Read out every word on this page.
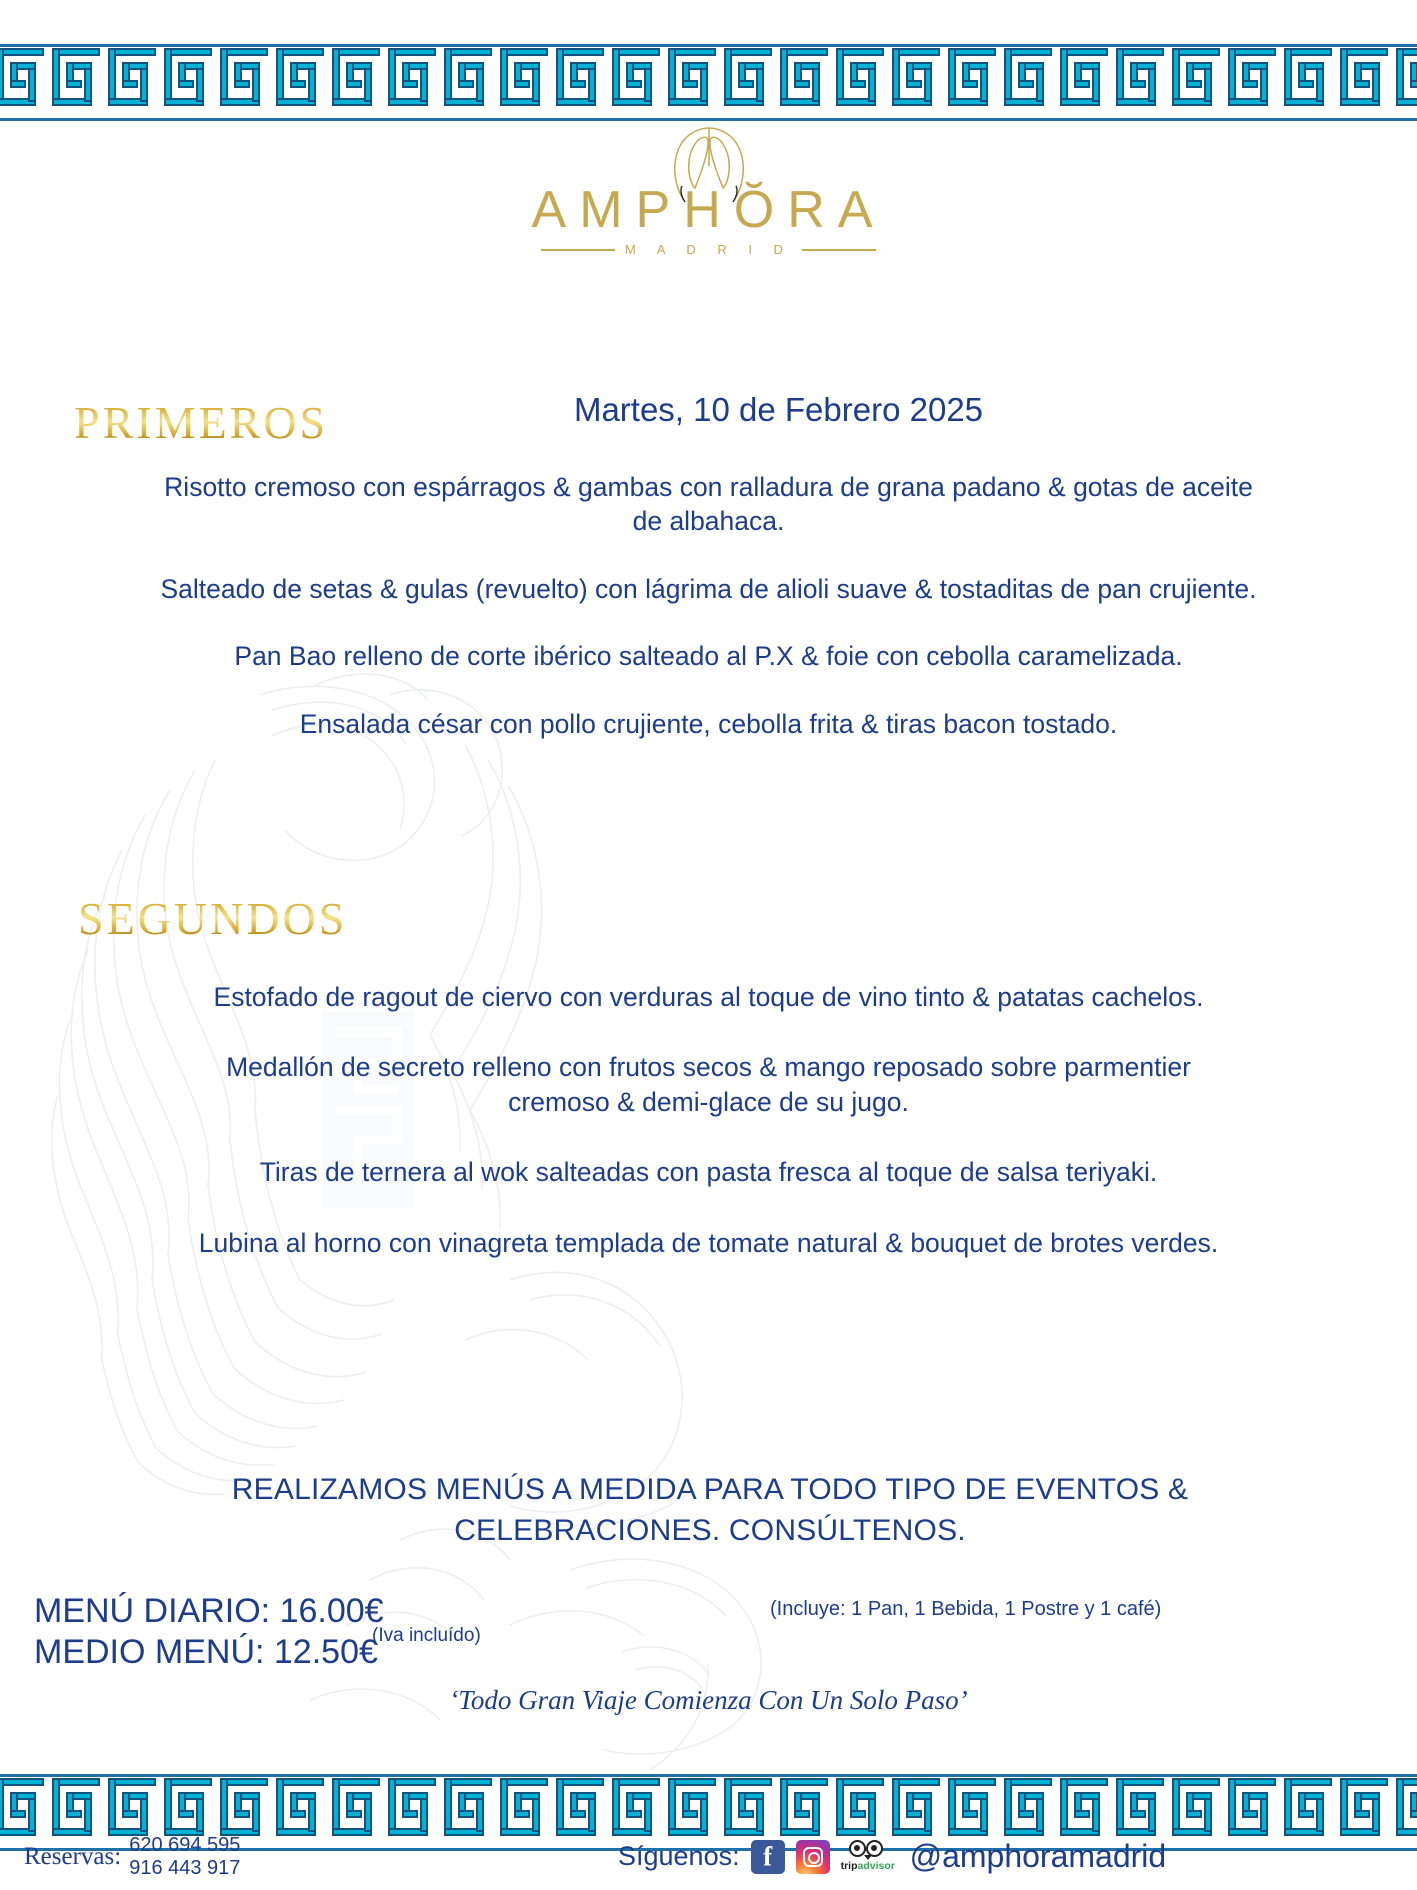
AMPHŎRA
M A D R I D
Martes, 10 de Febrero 2025
PRIMEROS

Risotto cremoso con espárragos & gambas con ralladura de grana padano & gotas de aceite de albahaca.

Salteado de setas & gulas (revuelto) con lágrima de alioli suave & tostaditas de pan crujiente.

Pan Bao relleno de corte ibérico salteado al P.X & foie con cebolla caramelizada.

Ensalada césar con pollo crujiente, cebolla frita & tiras bacon tostado.

SEGUNDOS

Estofado de ragout de ciervo con verduras al toque de vino tinto & patatas cachelos.

Medallón de secreto relleno con frutos secos & mango reposado sobre parmentier cremoso & demi-glace de su jugo.

Tiras de ternera al wok salteadas con pasta fresca al toque de salsa teriyaki.

Lubina al horno con vinagreta templada de tomate natural & bouquet de brotes verdes.

REALIZAMOS MENÚS A MEDIDA PARA TODO TIPO DE EVENTOS & CELEBRACIONES. CONSÚLTENOS.
MENÚ DIARIO: 16.00€
MEDIO MENÚ: 12.50€
(Iva incluído)
(Incluye: 1 Pan, 1 Bebida, 1 Postre y 1 café)
‘Todo Gran Viaje Comienza Con Un Solo Paso’
Reservas: 620 694 595
916 443 917	Síguenos: f	tripadvisor @amphoramadrid
